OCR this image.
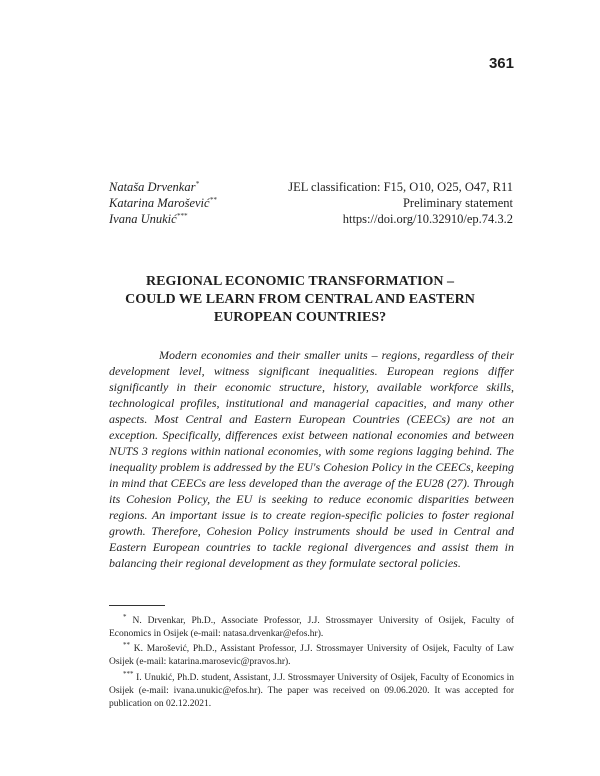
361
Nataša Drvenkar*
Katarina Marošević**
Ivana Unukić***
JEL classification: F15, O10, O25, O47, R11
Preliminary statement
https://doi.org/10.32910/ep.74.3.2
REGIONAL ECONOMIC TRANSFORMATION –
COULD WE LEARN FROM CENTRAL AND EASTERN
EUROPEAN COUNTRIES?

Modern economies and their smaller units – regions, regardless of their development level, witness significant inequalities. European regions differ significantly in their economic structure, history, available workforce skills, technological profiles, institutional and managerial capacities, and many other aspects. Most Central and Eastern European Countries (CEECs) are not an exception. Specifically, differences exist between national economies and between NUTS 3 regions within national economies, with some regions lagging behind. The inequality problem is addressed by the EU's Cohesion Policy in the CEECs, keeping in mind that CEECs are less developed than the average of the EU28 (27). Through its Cohesion Policy, the EU is seeking to reduce economic disparities between regions. An important issue is to create region-specific policies to foster regional growth. Therefore, Cohesion Policy instruments should be used in Central and Eastern European countries to tackle regional divergences and assist them in balancing their regional development as they formulate sectoral policies.

* N. Drvenkar, Ph.D., Associate Professor, J.J. Strossmayer University of Osijek, Faculty of Economics in Osijek (e-mail: natasa.drvenkar@efos.hr).

** K. Marošević, Ph.D., Assistant Professor, J.J. Strossmayer University of Osijek, Faculty of Law Osijek (e-mail: katarina.marosevic@pravos.hr).

*** I. Unukić, Ph.D. student, Assistant, J.J. Strossmayer University of Osijek, Faculty of Economics in Osijek (e-mail: ivana.unukic@efos.hr). The paper was received on 09.06.2020. It was accepted for publication on 02.12.2021.
